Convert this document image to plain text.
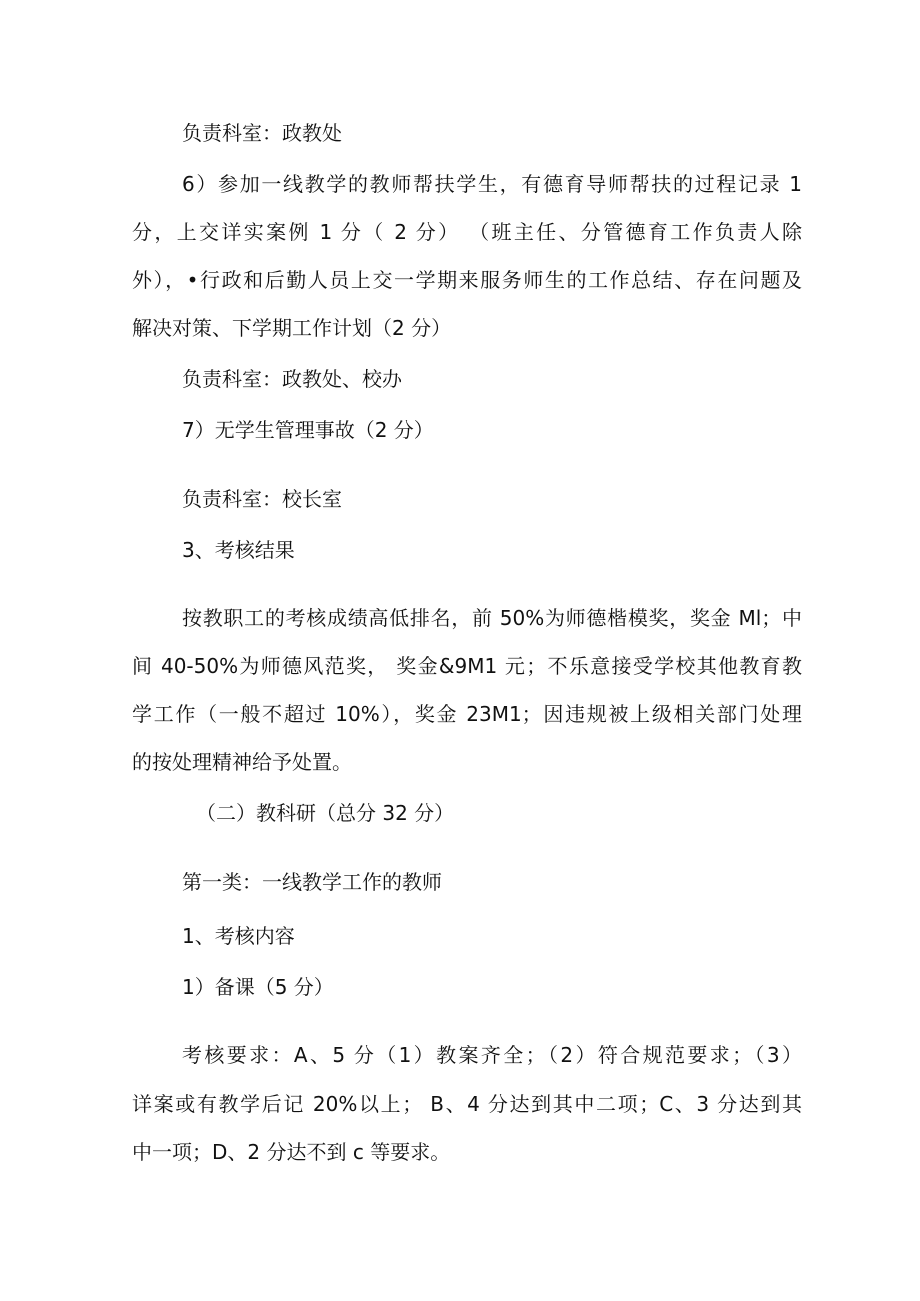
负责科室：政教处
6）参加一线教学的教师帮扶学生，有德育导师帮扶的过程记录 1
分，上交详实案例 1 分（ 2 分） （班主任、分管德育工作负责人除
外），•行政和后勤人员上交一学期来服务师生的工作总结、存在问题及
解决对策、下学期工作计划（2 分）
负责科室：政教处、校办
7）无学生管理事故（2 分）
负责科室：校长室
3、考核结果
按教职工的考核成绩高低排名，前 50%为师德楷模奖，奖金 Ml；中
间 40-50%为师德风范奖， 奖金&9M1 元；不乐意接受学校其他教育教
学工作（一般不超过 10%），奖金 23M1；因违规被上级相关部门处理
的按处理精神给予处置。
（二）教科研（总分 32 分）
第一类：一线教学工作的教师
1、考核内容
1）备课（5 分）
考核要求：A、5 分（1）教案齐全；（2）符合规范要求；（3）
详案或有教学后记 20%以上； B、4 分达到其中二项；C、3 分达到其
中一项；D、2 分达不到 c 等要求。
